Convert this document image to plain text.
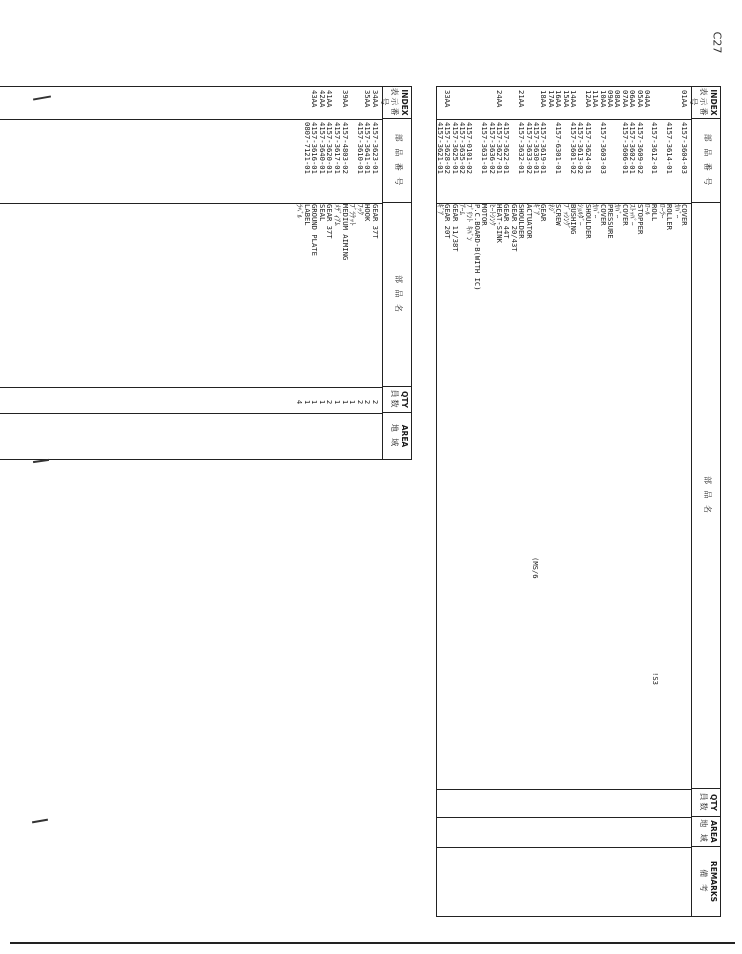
INDEX
表示番号
部 品 番 号
部 品 名
QTY
員数
AREA
地 域
REMARKS
備 考
01AA
4157-3604-03
COVER
ｶﾊﾞｰ
4157-3614-01
ROLLER
ﾛｰﾗｰ
4157-3612-01
ROLL
04AA
ﾛｰﾙ
05AA
4157-3609-02
STOPPER
06AA
4157-3602-01
ｽﾄｯﾊﾟｰ
07AA
4157-3606-01
COVER
08AA
ｶﾊﾞｰ
09AA
PRESSURE
10AA
4157-3603-03
COVER
11AA
ｶﾊﾞｰ
12AA
4157-3624-01
SHOULDER
4157-3613-02
ｼｮﾙﾀﾞｰ
14AA
4157-3601-02
BUSHING
15AA
ﾌﾞｯｼﾝｸﾞ
16AA
4157-6301-01
SCREW
17AA
ﾈｼﾞ
18AA
4157-3619-01
GEAR
4157-3630-01
ｷﾞｱ
4157-3633-02
ACTUATOR
21AA
4157-3632-01
SHOULDER
GEAR 20/43T
4157-3622-01
GEAR 44T
24AA
4157-3627-01
HEAT-SINK
4157-3636-02
ﾋｰﾄｼﾝｸ
4157-3631-01
MOTOR
P.C.BOARD-B(WITH IC)
4157-0101-02
ﾌﾟﾘﾝﾄ ｷﾊﾞﾝ
4157-3635-02
ｱｰﾑ
4157-3625-01
GEAR 11/38T
33AA
4157-3628-02
GEAR 20T
4157-3621-01
ｷﾞｱ
(MS/6
!S3
INDEX
表示番号
部 品 番 号
部 品 名
QTY
員数
AREA
地 域
34AA
4157-3623-01
GEAR 37T
2
35AA
4157-3641-01
HOOK
2
4157-3610-01
ﾌｯｸ
2
ﾌﾞﾗｹｯﾄ
1
39AA
4157-4803-02
MEDIUM AIMING
1
4157-3617-01
ﾒﾃﾞｨｱﾑ
1
41AA
4157-3620-01
GEAR 37T
2
42AA
4157-3640-01
SEAL
1
43AA
4157-3616-01
GROUND PLATE
1
0807-7121-01
LABEL
1
ﾗﾍﾞﾙ
4
C27
